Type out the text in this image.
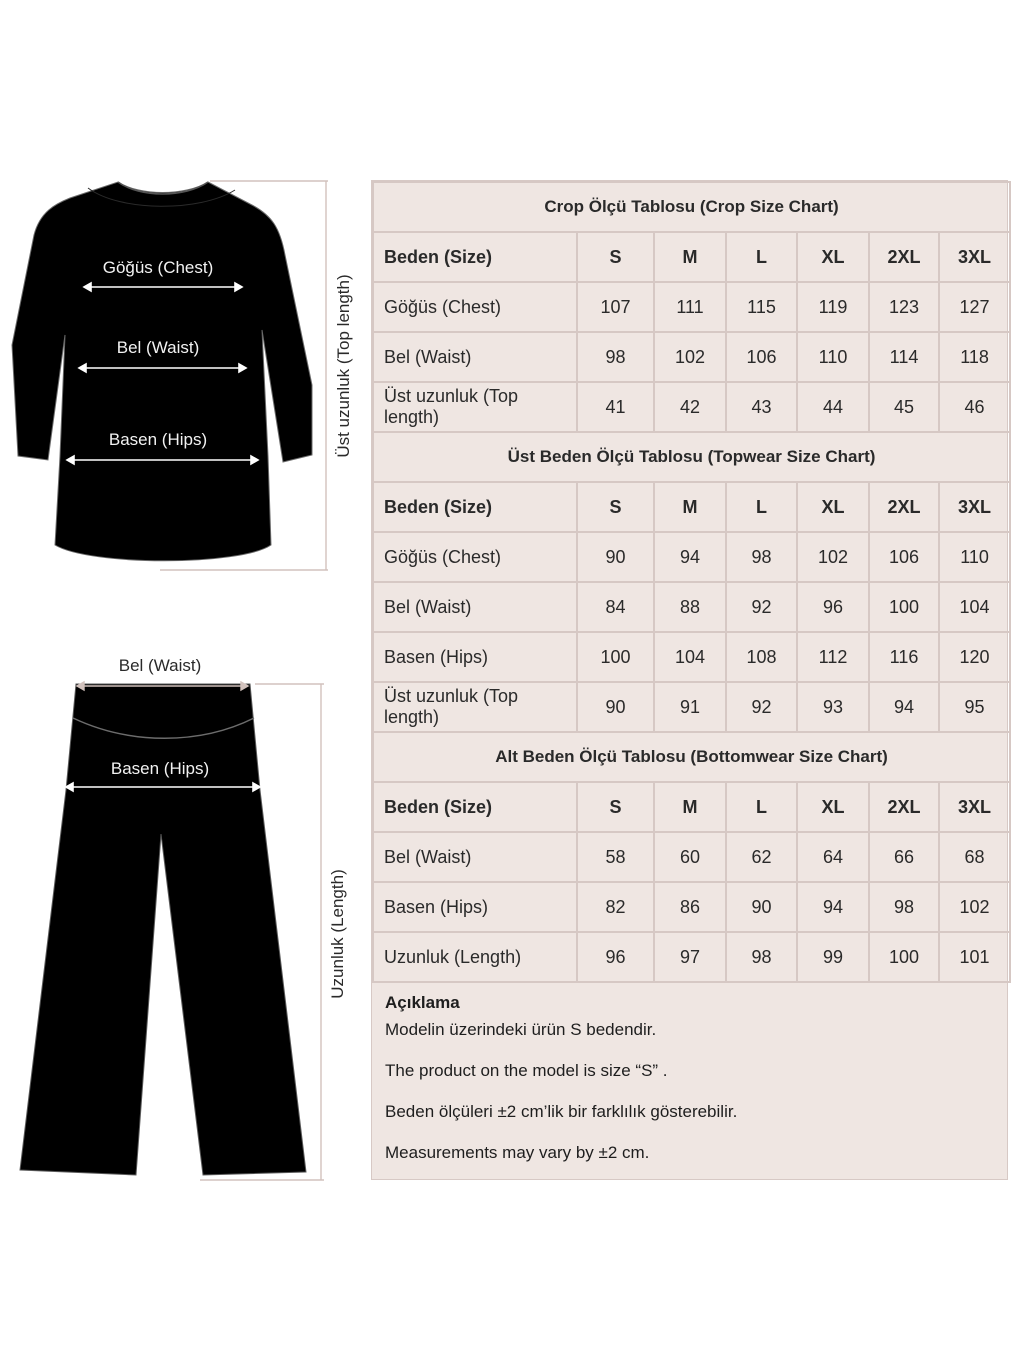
Göğüs (Chest)
Bel (Waist)
Basen (Hips)	Üst uzunluk (Top length)
Bel (Waist)
Basen (Hips)
Uzunluk (Length)
Crop Ölçü Tablosu (Crop Size Chart)						
Beden (Size)	S	M	L	XL	2XL	3XL
Göğüs (Chest)	107	111	115	119	123	127
Bel (Waist)	98	102	106	110	114	118
Üst uzunluk (Top length)	41	42	43	44	45	46
Üst Beden Ölçü Tablosu (Topwear Size Chart)						
Beden (Size)	S	M	L	XL	2XL	3XL
Göğüs (Chest)	90	94	98	102	106	110
Bel (Waist)	84	88	92	96	100	104
Basen (Hips)	100	104	108	112	116	120
Üst uzunluk (Top length)	90	91	92	93	94	95
Alt Beden Ölçü Tablosu (Bottomwear Size Chart)						
Beden (Size)	S	M	L	XL	2XL	3XL
Bel (Waist)	58	60	62	64	66	68
Basen (Hips)	82	86	90	94	98	102
Uzunluk (Length)	96	97	98	99	100	101
Açıklama
Modelin üzerindeki ürün S bedendir.
The product on the model is size “S” .
Beden ölçüleri ±2 cm’lik bir farklılık gösterebilir.
Measurements may vary by ±2 cm.
